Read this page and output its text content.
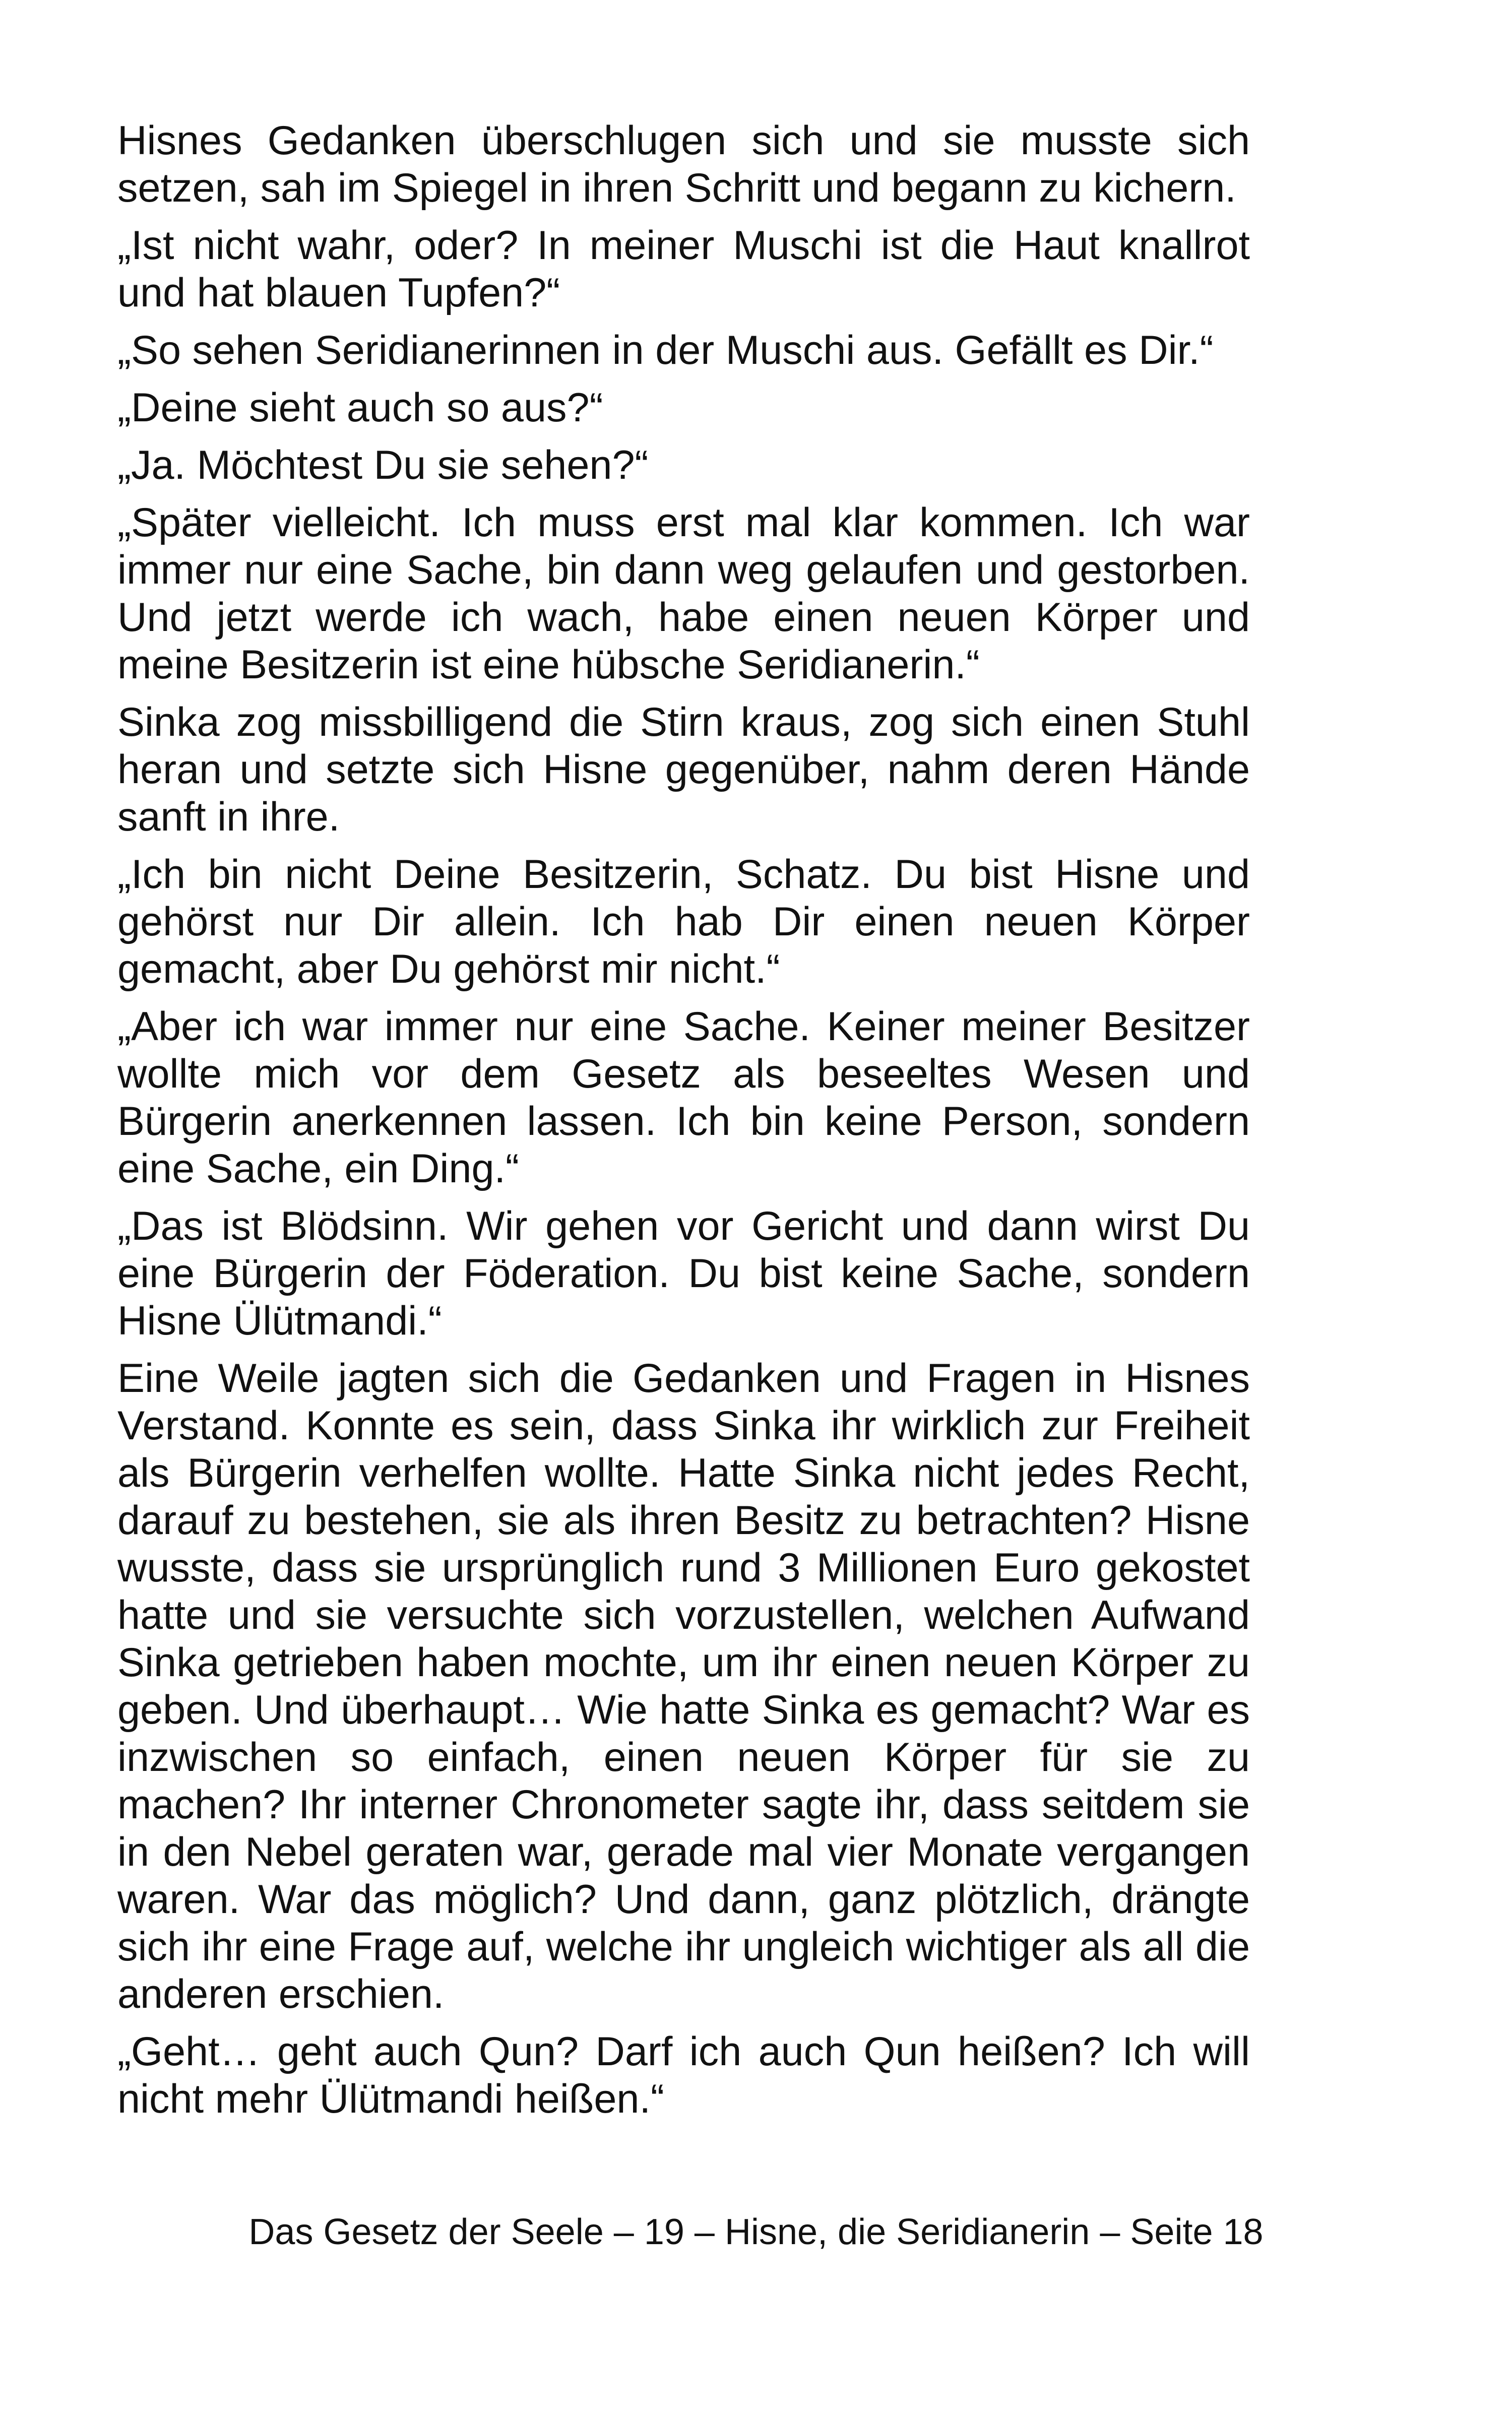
Hisnes Gedanken überschlugen sich und sie musste sich setzen, sah im Spiegel in ihren Schritt und begann zu kichern.

„Ist nicht wahr, oder? In meiner Muschi ist die Haut knallrot und hat blauen Tupfen?“

„So sehen Seridianerinnen in der Muschi aus. Gefällt es Dir.“

„Deine sieht auch so aus?“

„Ja. Möchtest Du sie sehen?“

„Später vielleicht. Ich muss erst mal klar kommen. Ich war immer nur eine Sache, bin dann weg gelaufen und gestorben. Und jetzt werde ich wach, habe einen neuen Körper und meine Besitzerin ist eine hübsche Seridianerin.“

Sinka zog missbilligend die Stirn kraus, zog sich einen Stuhl heran und setzte sich Hisne gegenüber, nahm deren Hände sanft in ihre.

„Ich bin nicht Deine Besitzerin, Schatz. Du bist Hisne und gehörst nur Dir allein. Ich hab Dir einen neuen Körper gemacht, aber Du gehörst mir nicht.“

„Aber ich war immer nur eine Sache. Keiner meiner Besitzer wollte mich vor dem Gesetz als beseeltes Wesen und Bürgerin anerkennen lassen. Ich bin keine Person, sondern eine Sache, ein Ding.“

„Das ist Blödsinn. Wir gehen vor Gericht und dann wirst Du eine Bürgerin der Föderation. Du bist keine Sache, sondern Hisne Ülütmandi.“

Eine Weile jagten sich die Gedanken und Fragen in Hisnes Verstand. Konnte es sein, dass Sinka ihr wirklich zur Freiheit als Bürgerin verhelfen wollte. Hatte Sinka nicht jedes Recht, darauf zu bestehen, sie als ihren Besitz zu betrachten? Hisne wusste, dass sie ursprünglich rund 3 Millionen Euro gekostet hatte und sie versuchte sich vorzustellen, welchen Aufwand Sinka getrieben haben mochte, um ihr einen neuen Körper zu geben. Und überhaupt… Wie hatte Sinka es gemacht? War es inzwischen so einfach, einen neuen Körper für sie zu machen? Ihr interner Chronometer sagte ihr, dass seitdem sie in den Nebel geraten war, gerade mal vier Monate vergangen waren. War das möglich? Und dann, ganz plötzlich, drängte sich ihr eine Frage auf, welche ihr ungleich wichtiger als all die anderen erschien.

„Geht… geht auch Qun? Darf ich auch Qun heißen? Ich will nicht mehr Ülütmandi heißen.“

Das Gesetz der Seele – 19 – Hisne, die Seridianerin – Seite 18
